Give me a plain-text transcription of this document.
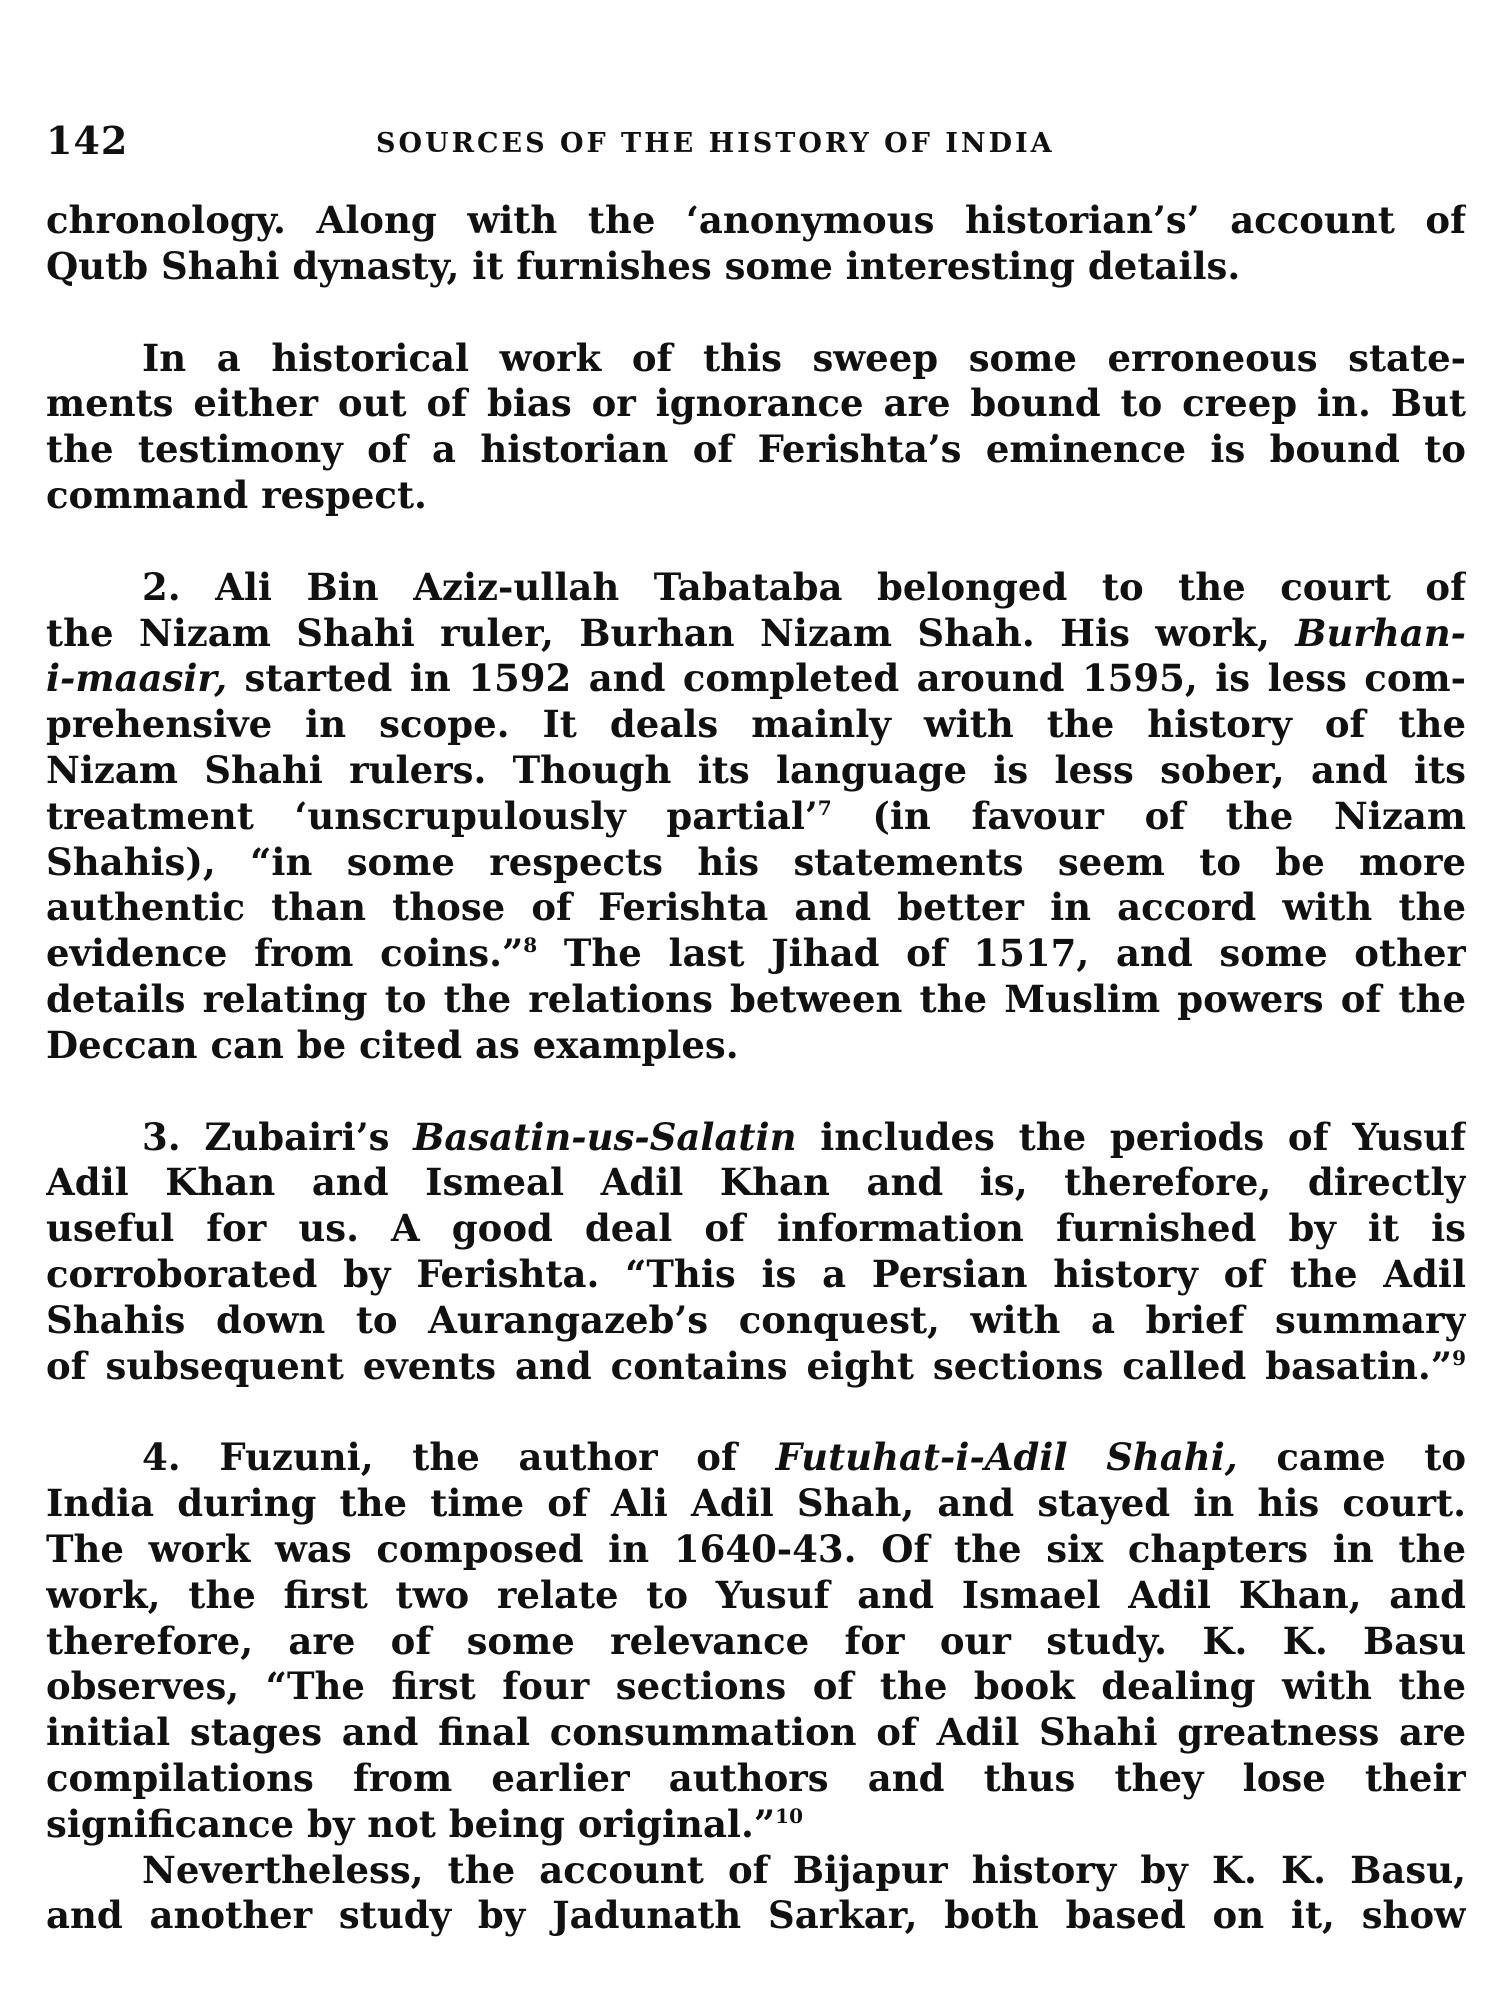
142	SOURCES OF THE HISTORY OF INDIA
chronology. Along with the ‘anonymous historian’s’ account of
Qutb Shahi dynasty, it furnishes some interesting details.
In a historical work of this sweep some erroneous state-
ments either out of bias or ignorance are bound to creep in. But
the testimony of a historian of Ferishta’s eminence is bound to
command respect.
2. Ali Bin Aziz-ullah Tabataba belonged to the court of
the Nizam Shahi ruler, Burhan Nizam Shah. His work, Burhan-
i-maasir, started in 1592 and completed around 1595, is less com-
prehensive in scope. It deals mainly with the history of the
Nizam Shahi rulers. Though its language is less sober, and its
treatment ‘unscrupulously partial’$^7$ (in favour of the Nizam
Shahis), “in some respects his statements seem to be more
authentic than those of Ferishta and better in accord with the
evidence from coins.”$^8$ The last Jihad of 1517, and some other
details relating to the relations between the Muslim powers of the
Deccan can be cited as examples.
3. Zubairi’s Basatin-us-Salatin includes the periods of Yusuf
Adil Khan and Ismeal Adil Khan and is, therefore, directly
useful for us. A good deal of information furnished by it is
corroborated by Ferishta. “This is a Persian history of the Adil
Shahis down to Aurangazeb’s conquest, with a brief summary
of subsequent events and contains eight sections called basatin.”$^9$
4. Fuzuni, the author of Futuhat-i-Adil Shahi, came to
India during the time of Ali Adil Shah, and stayed in his court.
The work was composed in 1640-43. Of the six chapters in the
work, the first two relate to Yusuf and Ismael Adil Khan, and
therefore, are of some relevance for our study. K. K. Basu
observes, “The first four sections of the book dealing with the
initial stages and final consummation of Adil Shahi greatness are
compilations from earlier authors and thus they lose their
significance by not being original.”$^{10}$
Nevertheless, the account of Bijapur history by K. K. Basu,
and another study by Jadunath Sarkar, both based on it, show
